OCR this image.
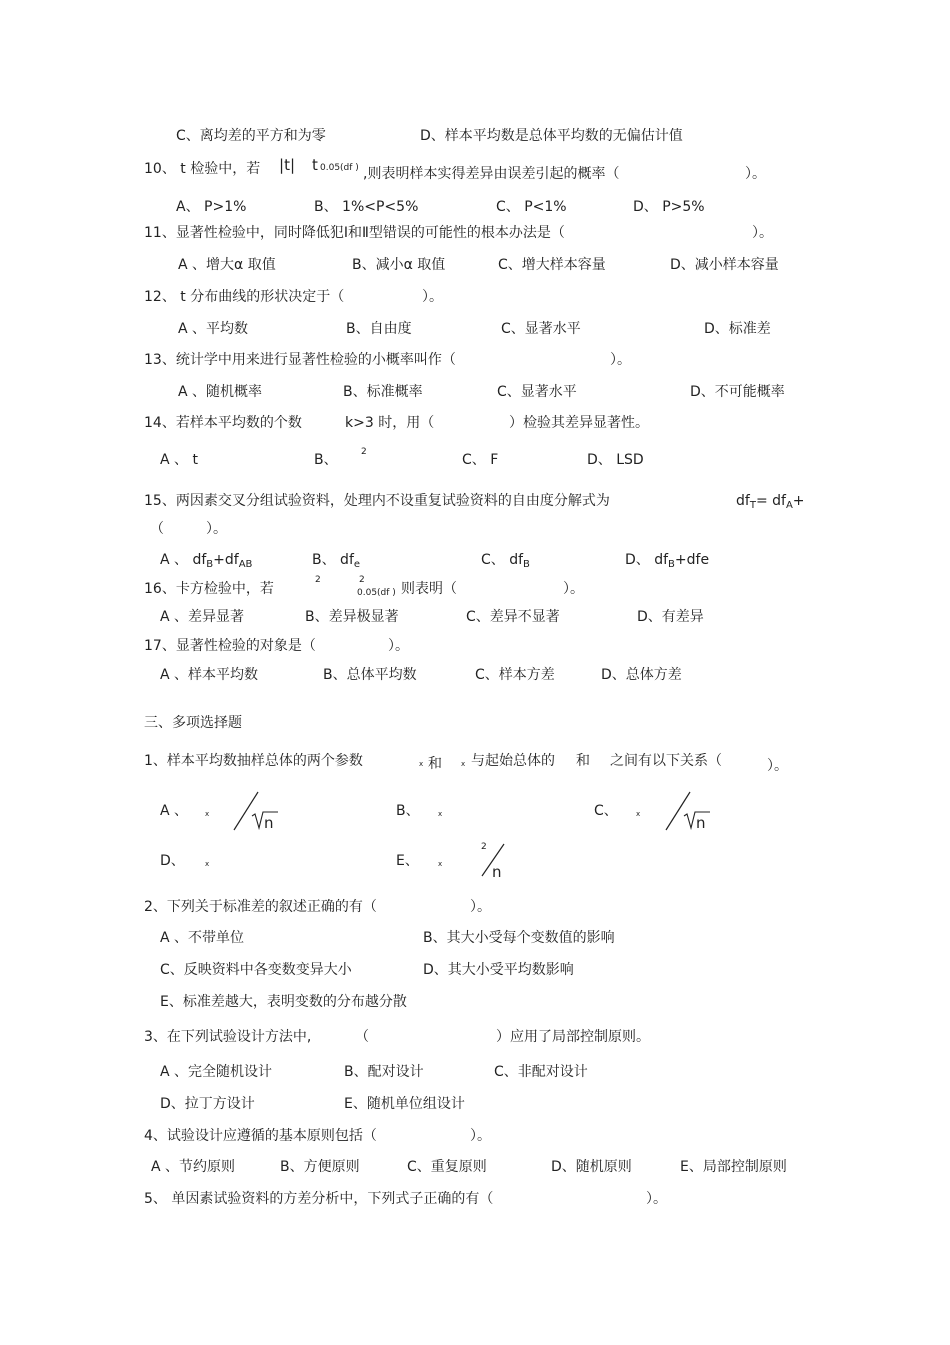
C、离均差的平方和为零	D、样本平均数是总体平均数的无偏估计值
10、 t 检验中，若 |t| t 0.05(df ) ,则表明样本实得差异由误差引起的概率（	）。
A、 P>1%	B、 1%<P<5%	C、 P<1%	D、 P>5%
11、显著性检验中，同时降低犯Ⅰ和Ⅱ型错误的可能性的根本办法是（	）。
A 、增大α 取值	B、减小α 取值	C、增大样本容量	D、减小样本容量
12、 t 分布曲线的形状决定于（	）。
A 、平均数	B、自由度	C、显著水平	D、标准差
13、统计学中用来进行显著性检验的小概率叫作（	）。
A 、随机概率	B、标准概率	C、显著水平	D、不可能概率
14、若样本平均数的个数	k>3 时，用（	）检验其差异显著性。
A 、 t	B、	2	C、 F	D、 LSD
15、两因素交叉分组试验资料，处理内不设重复试验资料的自由度分解式为	$df_T= df_A+$
（	）。
A 、 $df_B+df_{AB}$	B、 $df_e$	C、 $df_B$	D、 $df_B+dfe$
16、卡方检验中，若
2	2
0.05(df ) 则表明（	）。
A 、差异显著	B、差异极显著	C、差异不显著	D、有差异
17、显著性检验的对象是（	）。
A 、样本平均数	B、总体平均数	C、样本方差	D、总体方差
三、多项选择题
1、样本平均数抽样总体的两个参数	x 和	x 与起始总体的 和 之间有以下关系（	）。
A 、 x	n
B、	x	C、	x	n
D、	x	E、	x
2
n
2、下列关于标准差的叙述正确的有（	）。
A 、不带单位	B、其大小受每个变数值的影响
C、反映资料中各变数变异大小	D、其大小受平均数影响
E、标准差越大，表明变数的分布越分散
3、在下列试验设计方法中,	（	）应用了局部控制原则。
A 、完全随机设计	B、配对设计	C、非配对设计
D、拉丁方设计	E、随机单位组设计
4、试验设计应遵循的基本原则包括（	）。
A 、节约原则	B、方便原则	C、重复原则	D、随机原则	E、局部控制原则
5、 单因素试验资料的方差分析中，下列式子正确的有（	）。
